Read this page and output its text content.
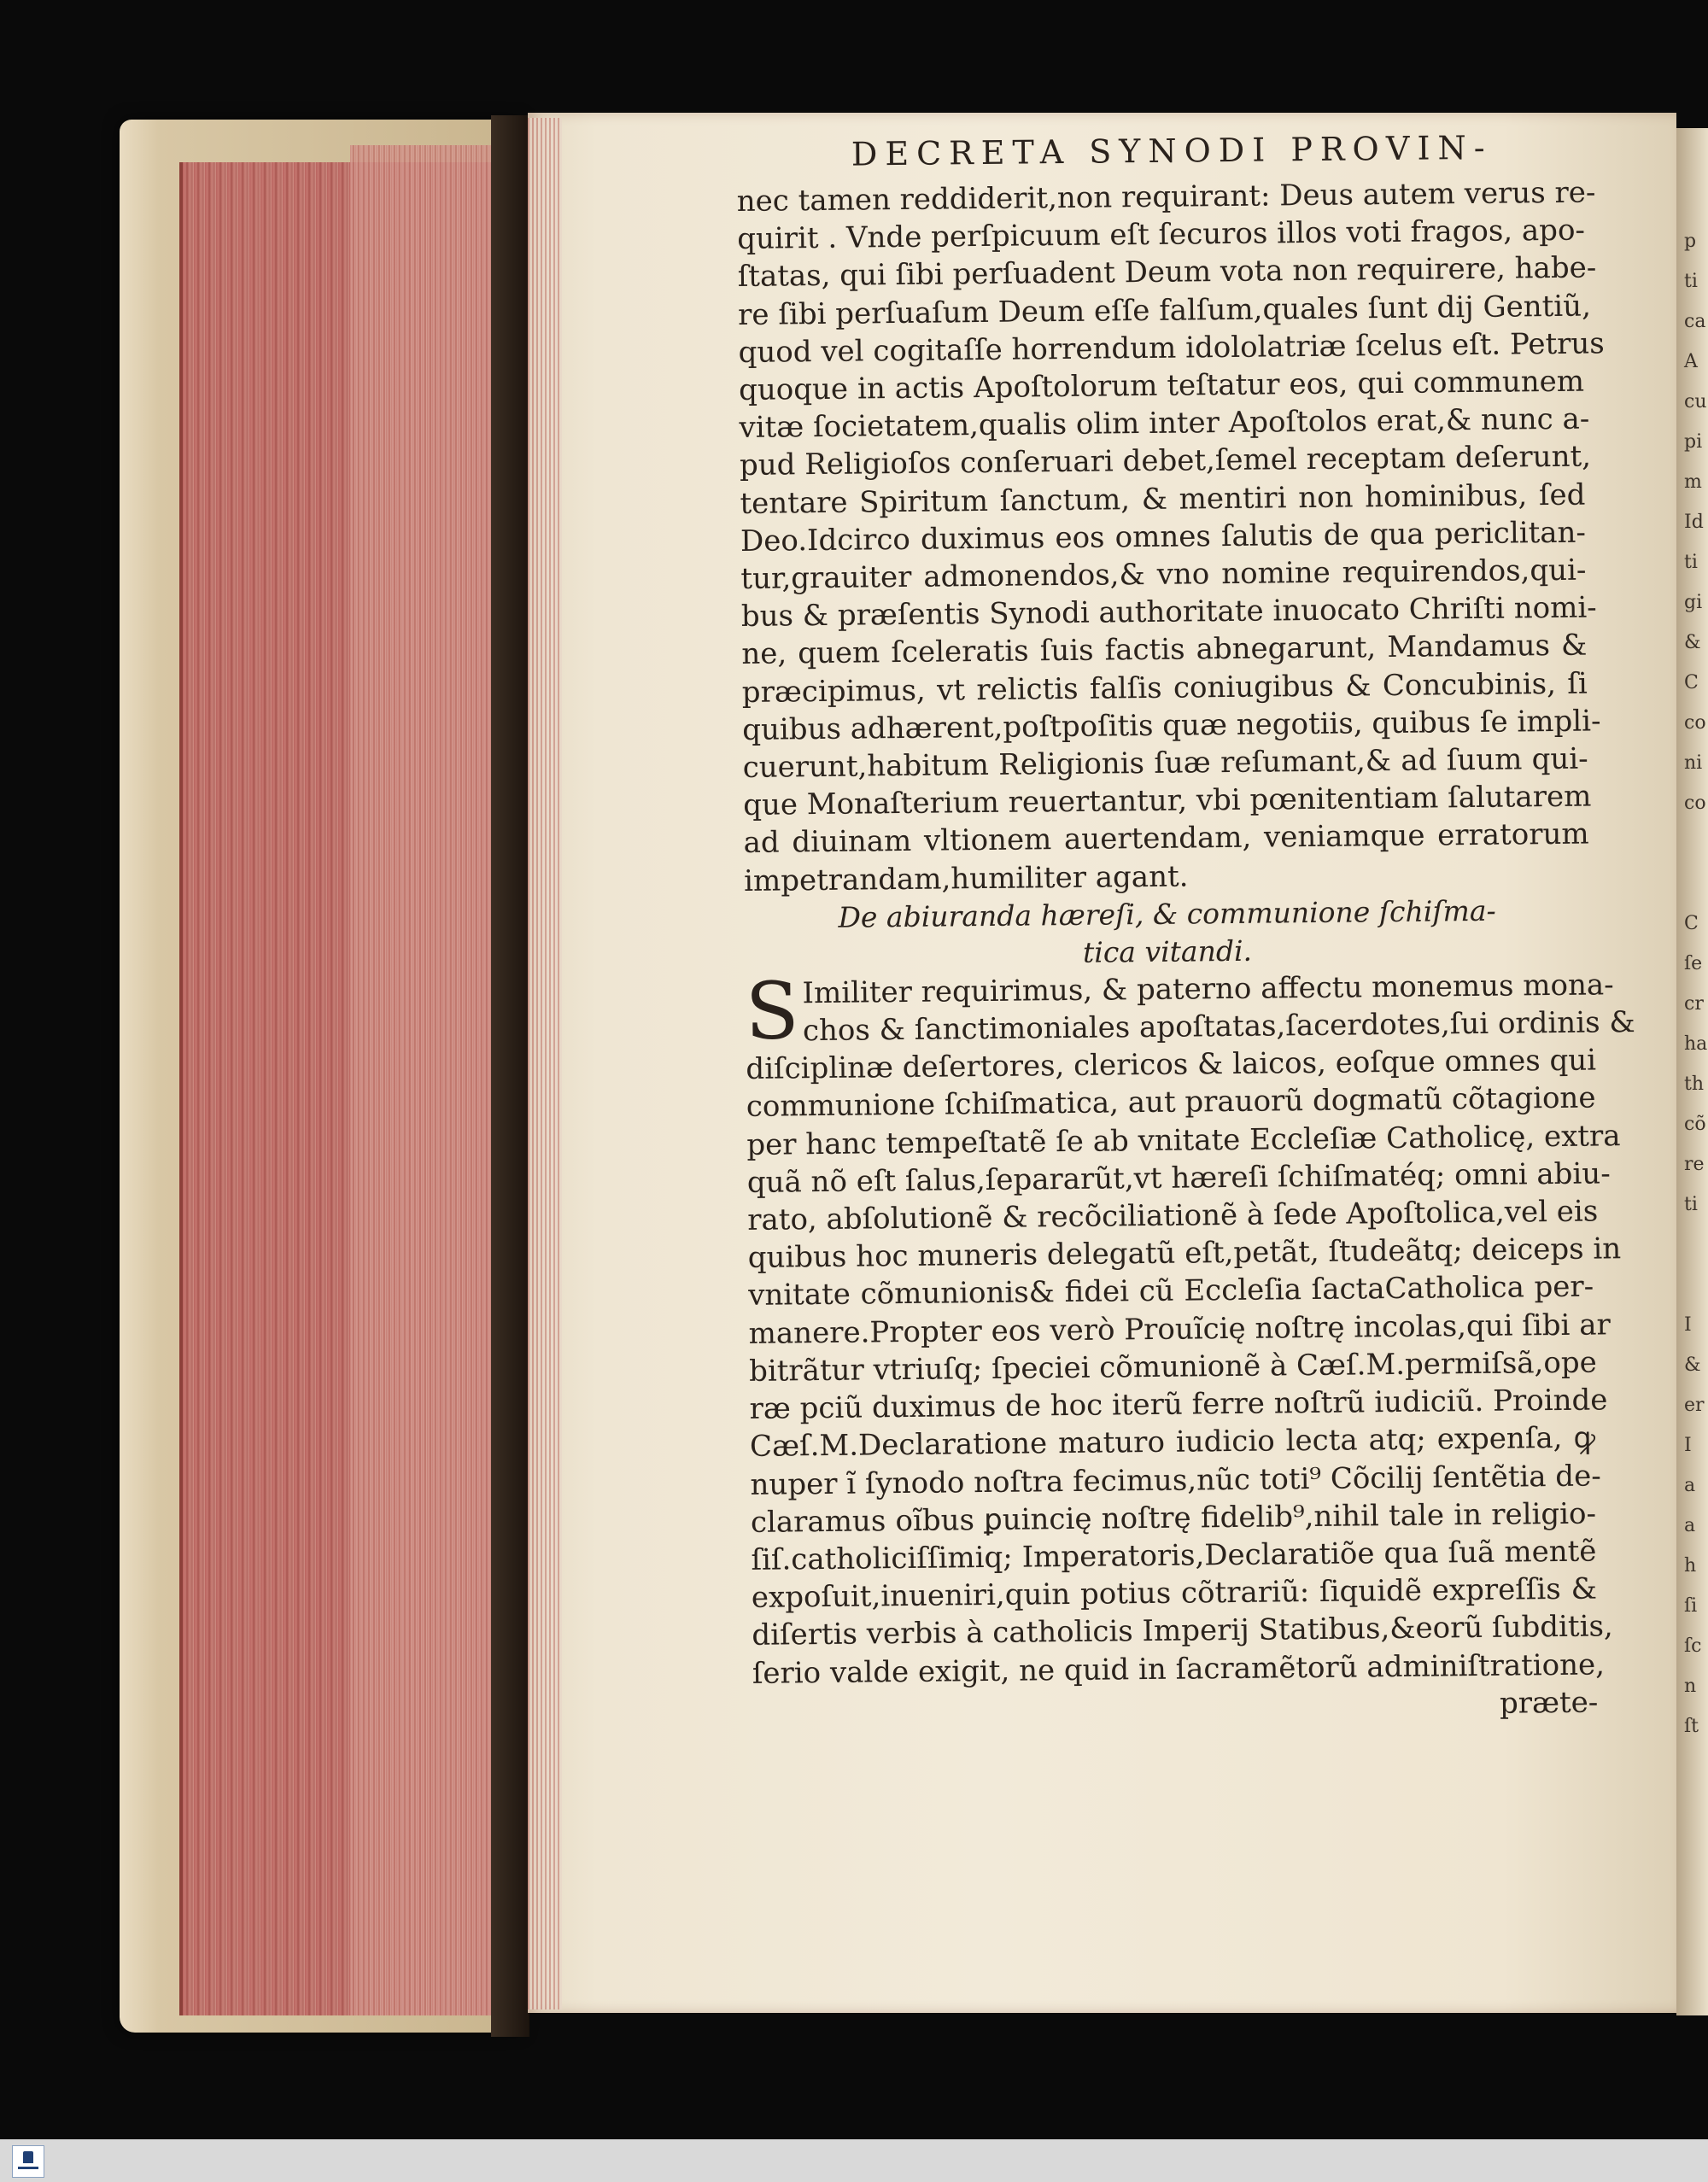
p
ti
ca
A
cu
pi
m
Id
ti
gi
&
C
co
ni
co
C
ſe
cr
ha
th
cõ
re
ti
I
&
er
I
a
a
h
ſi
ſc
n
ſt
DECRETA SYNODI PROVIN-
nec tamen reddiderit,non requirant: Deus autem verus re-
quirit . Vnde perſpicuum eſt ſecuros illos voti fragos, apo-
ſtatas, qui ſibi perſuadent Deum vota non requirere, habe-
re ſibi perſuaſum Deum eſſe falſum,quales ſunt dij Gentiũ,
quod vel cogitaſſe horrendum idololatriæ ſcelus eſt. Petrus
quoque in actis Apoſtolorum teſtatur eos, qui communem
vitæ ſocietatem,qualis olim inter Apoſtolos erat,& nunc a-
pud Religioſos conſeruari debet,ſemel receptam deſerunt,
tentare Spiritum ſanctum, & mentiri non hominibus, ſed
Deo.Idcirco duximus eos omnes ſalutis de qua periclitan-
tur,grauiter admonendos,& vno nomine requirendos,qui-
bus & præſentis Synodi authoritate inuocato Chriſti nomi-
ne, quem ſceleratis ſuis factis abnegarunt, Mandamus &
præcipimus, vt relictis falſis coniugibus & Concubinis, ſi
quibus adhærent,poſtpoſitis quæ negotiis, quibus ſe impli-
cuerunt,habitum Religionis ſuæ reſumant,& ad ſuum qui-
que Monaſterium reuertantur, vbi pœnitentiam ſalutarem
ad diuinam vltionem auertendam, veniamque erratorum
impetrandam,humiliter agant.
De abiuranda hæreſi, & communione ſchiſma-
tica vitandi.
S Imiliter requirimus, & paterno affectu monemus mona-
chos & ſanctimoniales apoſtatas,ſacerdotes,ſui ordinis &
diſciplinæ deſertores, clericos & laicos, eoſque omnes qui
communione ſchiſmatica, aut prauorũ dogmatũ cõtagione
per hanc tempeſtatẽ ſe ab vnitate Eccleſiæ Catholicę, extra
quã nõ eſt ſalus,ſepararũt,vt hæreſi ſchiſmatéq; omni abiu-
rato, abſolutionẽ & recõciliationẽ à ſede Apoſtolica,vel eis
quibus hoc muneris delegatũ eſt,petãt, ſtudeãtq; deiceps in
vnitate cõmunionis& fidei cũ Eccleſia ſactaCatholica per-
manere.Propter eos verò Prouĩcię noſtrę incolas,qui ſibi ar
bitrãtur vtriuſq; ſpeciei cõmunionẽ à Cæſ.M.permiſsã,ope
ræ pciũ duximus de hoc iterũ ferre noſtrũ iudiciũ. Proinde
Cæſ.M.Declaratione maturo iudicio lecta atq; expenſa, ꝙ
nuper ĩ ſynodo noſtra fecimus,nũc toti⁹ Cõcilij ſentẽtia de-
claramus oĩbus ꝑuincię noſtrę fidelib⁹,nihil tale in religio-
ſiſ.catholiciſſimiq; Imperatoris,Declaratiõe qua ſuã mentẽ
expoſuit,inueniri,quin potius cõtrariũ: ſiquidẽ expreſſis &
diſertis verbis à catholicis Imperij Statibus,&eorũ ſubditis,
ſerio valde exigit, ne quid in ſacramẽtorũ adminiſtratione,
præte-
